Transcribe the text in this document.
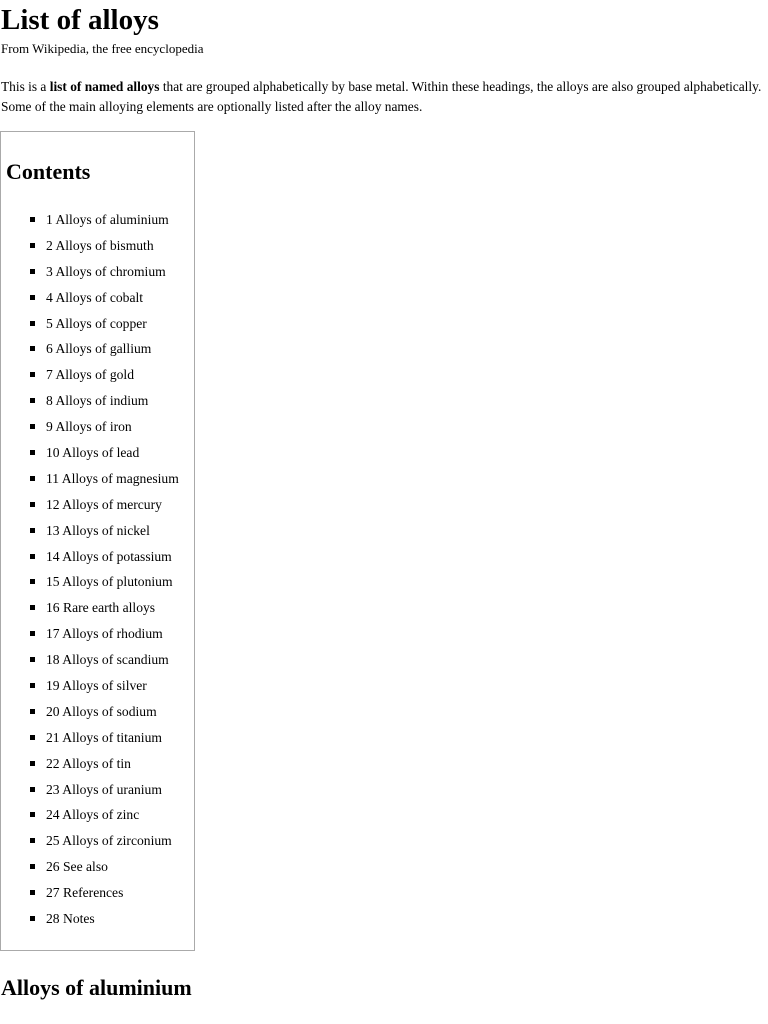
List of alloys
From Wikipedia, the free encyclopedia

This is a list of named alloys that are grouped alphabetically by base metal. Within these headings, the alloys are also grouped alphabetically. Some of the main alloying elements are optionally listed after the alloy names.

Contents
1 Alloys of aluminium
2 Alloys of bismuth
3 Alloys of chromium
4 Alloys of cobalt
5 Alloys of copper
6 Alloys of gallium
7 Alloys of gold
8 Alloys of indium
9 Alloys of iron
10 Alloys of lead
11 Alloys of magnesium
12 Alloys of mercury
13 Alloys of nickel
14 Alloys of potassium
15 Alloys of plutonium
16 Rare earth alloys
17 Alloys of rhodium
18 Alloys of scandium
19 Alloys of silver
20 Alloys of sodium
21 Alloys of titanium
22 Alloys of tin
23 Alloys of uranium
24 Alloys of zinc
25 Alloys of zirconium
26 See also
27 References
28 Notes
Alloys of aluminium
